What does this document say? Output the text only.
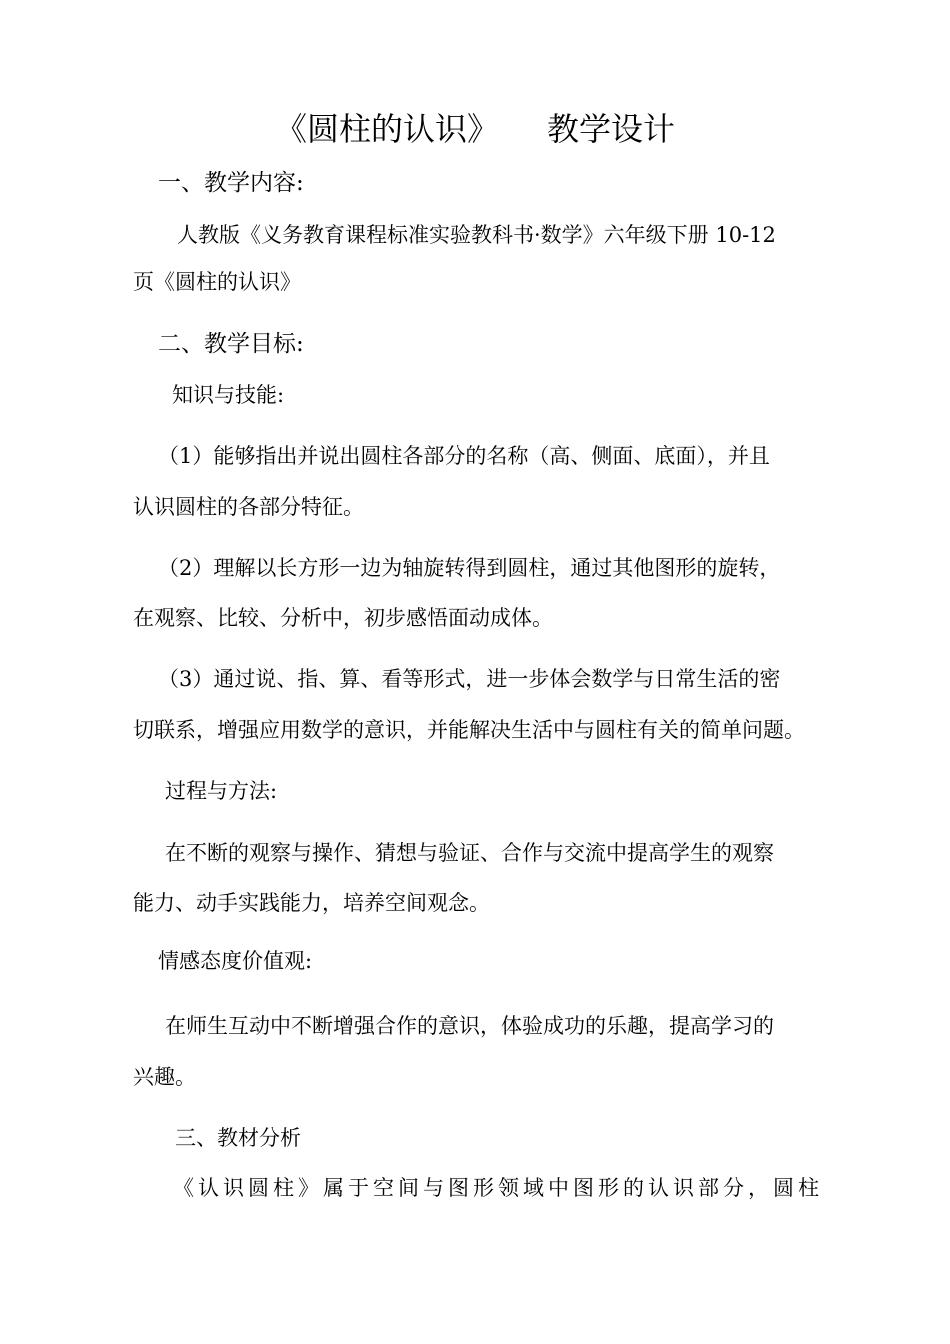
《圆柱的认识》 教学设计
一、教学内容:
人教版《义务教育课程标准实验教科书·数学》六年级下册 10-12
页《圆柱的认识》
二、教学目标:
知识与技能:
（1）能够指出并说出圆柱各部分的名称（高、侧面、底面），并且
认识圆柱的各部分特征。
（2）理解以长方形一边为轴旋转得到圆柱，通过其他图形的旋转，
在观察、比较、分析中，初步感悟面动成体。
（3）通过说、指、算、看等形式，进一步体会数学与日常生活的密
切联系，增强应用数学的意识，并能解决生活中与圆柱有关的简单问题。
过程与方法:
在不断的观察与操作、猜想与验证、合作与交流中提高学生的观察
能力、动手实践能力，培养空间观念。
情感态度价值观:
在师生互动中不断增强合作的意识，体验成功的乐趣，提高学习的
兴趣。
三、教材分析
《认识圆柱》属于空间与图形领域中图形的认识部分，圆柱
